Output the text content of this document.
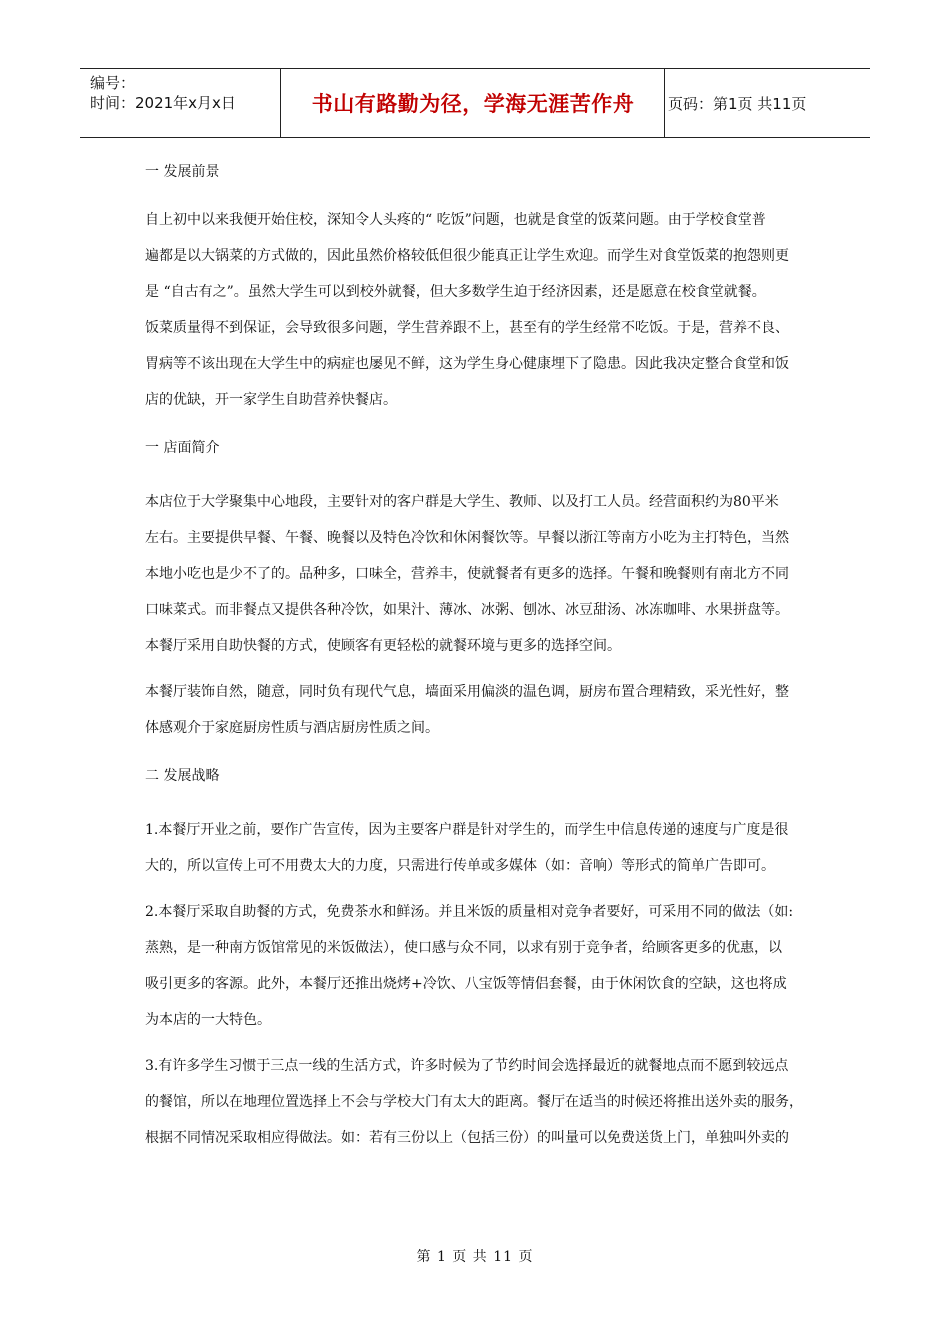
编号：
时间：2021年x月x日	书山有路勤为径，学海无涯苦作舟	页码：第1页 共11页

一 发展前景

自上初中以来我便开始住校，深知令人头疼的“ 吃饭”问题，也就是食堂的饭菜问题。由于学校食堂普
遍都是以大锅菜的方式做的，因此虽然价格较低但很少能真正让学生欢迎。而学生对食堂饭菜的抱怨则更
是 “自古有之”。虽然大学生可以到校外就餐，但大多数学生迫于经济因素，还是愿意在校食堂就餐。
饭菜质量得不到保证，会导致很多问题，学生营养跟不上，甚至有的学生经常不吃饭。于是，营养不良、
胃病等不该出现在大学生中的病症也屡见不鲜，这为学生身心健康埋下了隐患。因此我决定整合食堂和饭
店的优缺，开一家学生自助营养快餐店。

一 店面简介

本店位于大学聚集中心地段，主要针对的客户群是大学生、教师、以及打工人员。经营面积约为80平米
左右。主要提供早餐、午餐、晚餐以及特色冷饮和休闲餐饮等。早餐以浙江等南方小吃为主打特色，当然
本地小吃也是少不了的。品种多，口味全，营养丰，使就餐者有更多的选择。午餐和晚餐则有南北方不同
口味菜式。而非餐点又提供各种冷饮，如果汁、薄冰、冰粥、刨冰、冰豆甜汤、冰冻咖啡、水果拼盘等。
本餐厅采用自助快餐的方式，使顾客有更轻松的就餐环境与更多的选择空间。

本餐厅装饰自然，随意，同时负有现代气息，墙面采用偏淡的温色调，厨房布置合理精致，采光性好，整
体感观介于家庭厨房性质与酒店厨房性质之间。

二 发展战略

1.本餐厅开业之前，要作广告宣传，因为主要客户群是针对学生的，而学生中信息传递的速度与广度是很
大的，所以宣传上可不用费太大的力度，只需进行传单或多媒体（如：音响）等形式的简单广告即可。

2.本餐厅采取自助餐的方式，免费茶水和鲜汤。并且米饭的质量相对竞争者要好，可采用不同的做法（如:
蒸熟，是一种南方饭馆常见的米饭做法），使口感与众不同，以求有别于竞争者，给顾客更多的优惠，以
吸引更多的客源。此外，本餐厅还推出烧烤+冷饮、八宝饭等情侣套餐，由于休闲饮食的空缺，这也将成
为本店的一大特色。

3.有许多学生习惯于三点一线的生活方式，许多时候为了节约时间会选择最近的就餐地点而不愿到较远点
的餐馆，所以在地理位置选择上不会与学校大门有太大的距离。餐厅在适当的时候还将推出送外卖的服务，
根据不同情况采取相应得做法。如：若有三份以上（包括三份）的叫量可以免费送货上门，单独叫外卖的

第 1 页 共 11 页
